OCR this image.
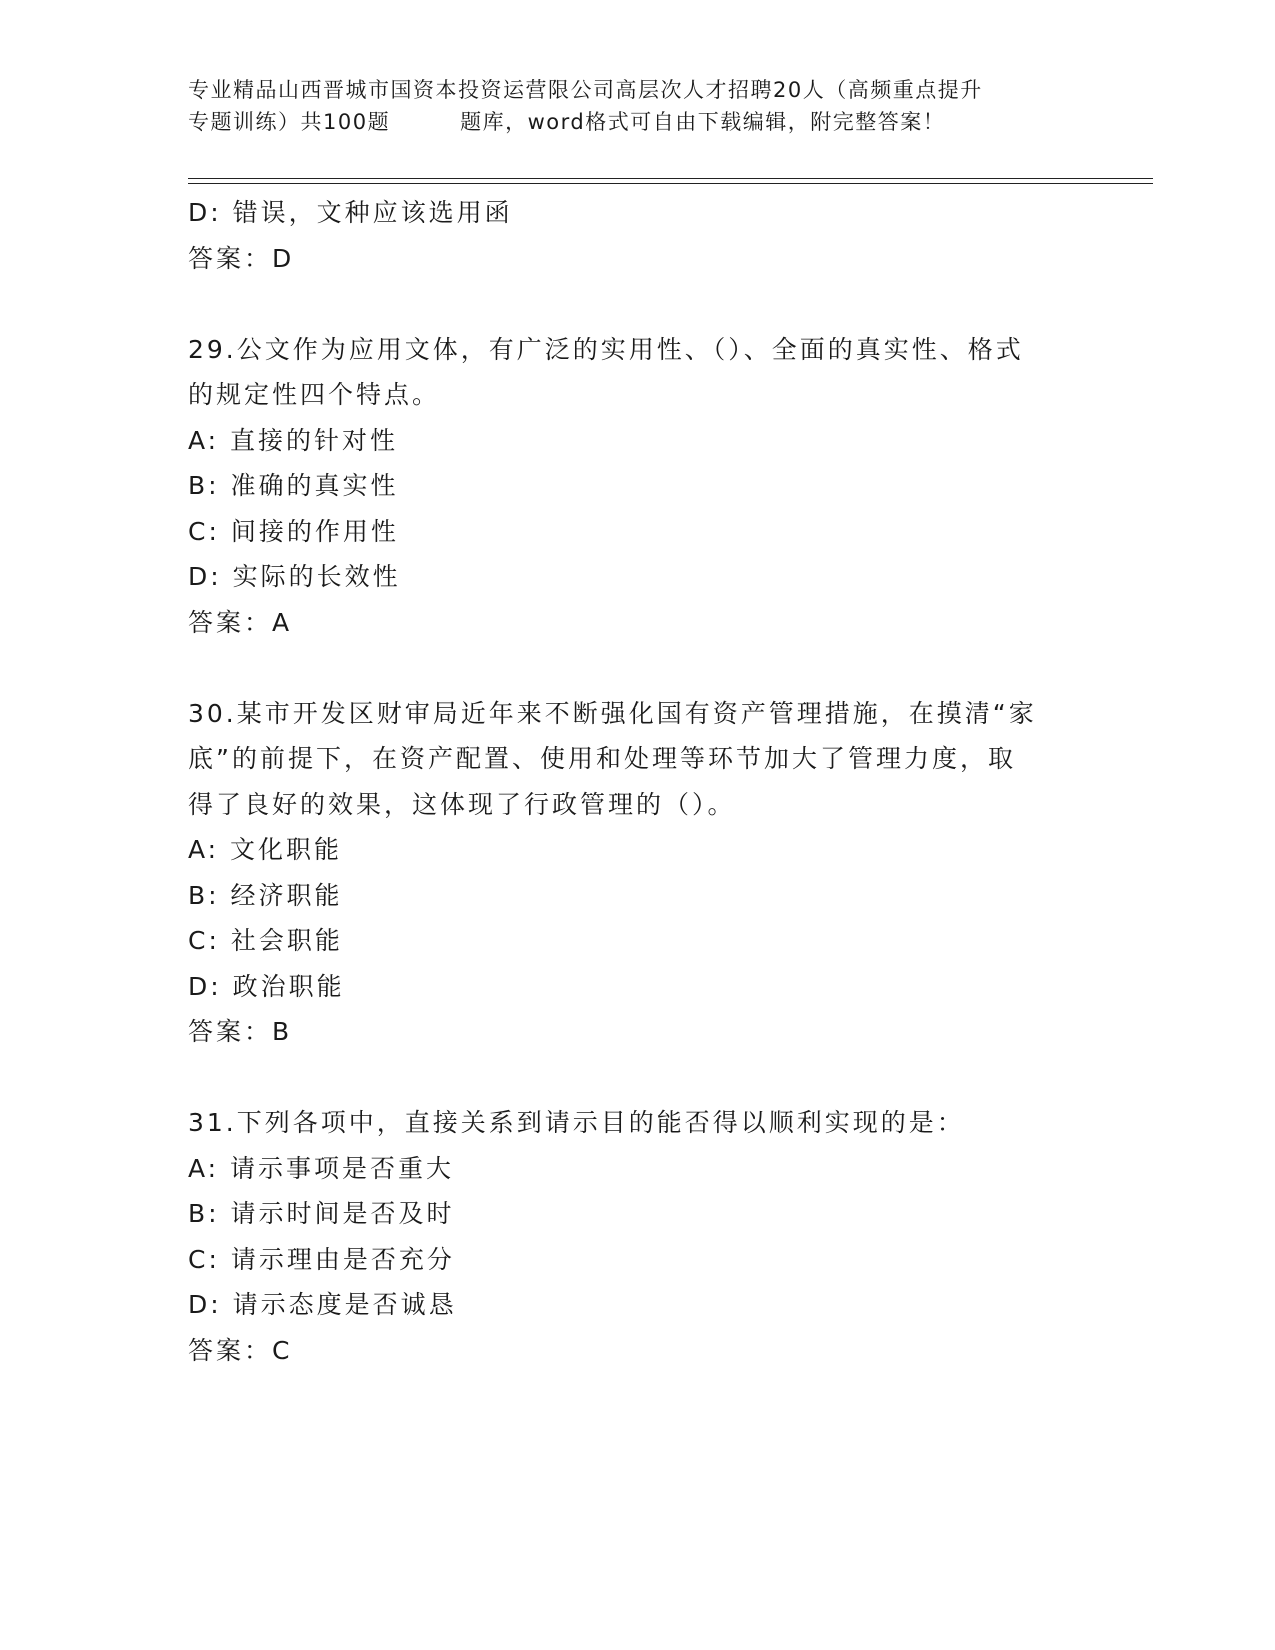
专业精品山西晋城市国资本投资运营限公司高层次人才招聘20人（高频重点提升
专题训练）共100题	题库，word格式可自由下载编辑，附完整答案！
D: 错误，文种应该选用函
答案：D
29.公文作为应用文体，有广泛的实用性、（）、全面的真实性、格式
的规定性四个特点。
A: 直接的针对性
B: 准确的真实性
C: 间接的作用性
D: 实际的长效性
答案：A
30.某市开发区财审局近年来不断强化国有资产管理措施，在摸清“家
底”的前提下，在资产配置、使用和处理等环节加大了管理力度，取
得了良好的效果，这体现了行政管理的（）。
A: 文化职能
B: 经济职能
C: 社会职能
D: 政治职能
答案：B
31.下列各项中，直接关系到请示目的能否得以顺利实现的是：
A: 请示事项是否重大
B: 请示时间是否及时
C: 请示理由是否充分
D: 请示态度是否诚恳
答案：C
